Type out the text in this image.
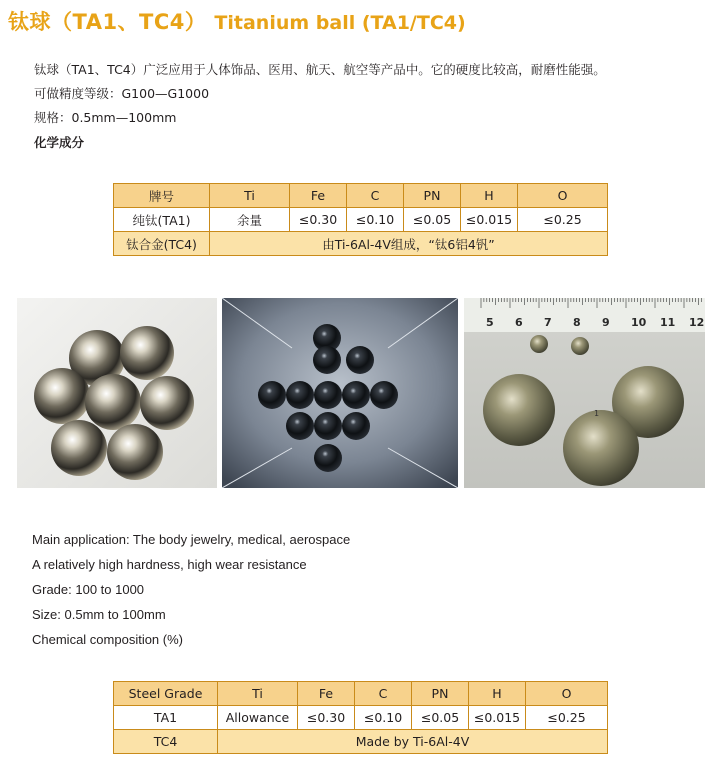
钛球（TA1、TC4） Titanium ball (TA1/TC4)
钛球（TA1、TC4）广泛应用于人体饰品、医用、航天、航空等产品中。它的硬度比较高，耐磨性能强。
可做精度等级：G100—G1000
规格：0.5mm—100mm
化学成分
牌号	Ti	Fe	C	PN	H	O
纯钛(TA1)	余量	≤0.30	≤0.10	≤0.05	≤0.015	≤0.25
钛合金(TC4)	由Ti-6Al-4V组成，“钛6铝4钒”					
5 6 7 8 9 10 11 12
1
Main application: The body jewelry, medical, aerospace
A relatively high hardness, high wear resistance
Grade: 100 to 1000
Size: 0.5mm to 100mm
Chemical composition (%)
Steel Grade	Ti	Fe	C	PN	H	O
TA1	Allowance	≤0.30	≤0.10	≤0.05	≤0.015	≤0.25
TC4	Made by Ti-6Al-4V					
